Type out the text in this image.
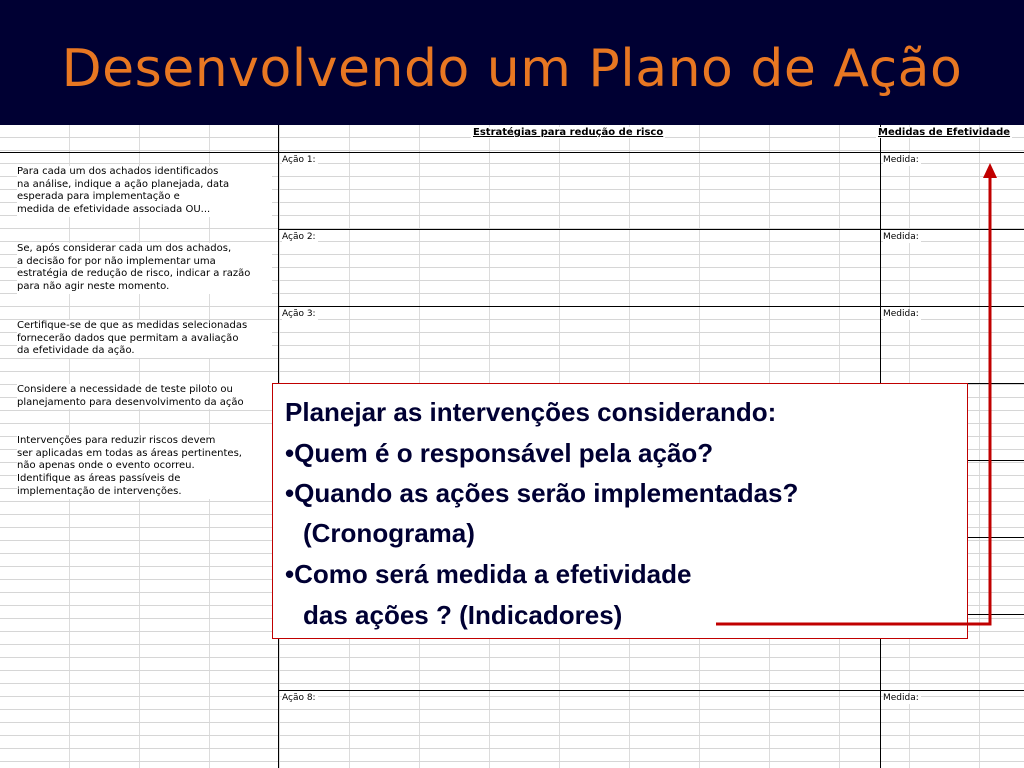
Desenvolvendo um Plano de Ação
Estratégias para redução de risco	Medidas de Efetividade
Ação 1:
Ação 2:
Ação 3:
Ação 8:
Medida:
Medida:
Medida:
Medida:
Para cada um dos achados identificados
na análise, indique a ação planejada, data
esperada para implementação e
medida de efetividade associada OU...
Se, após considerar cada um dos achados,
a decisão for por não implementar uma
estratégia de redução de risco, indicar a razão
para não agir neste momento.
Certifique-se de que as medidas selecionadas
fornecerão dados que permitam a avaliação
da efetividade da ação.
Considere a necessidade de teste piloto ou
planejamento para desenvolvimento da ação
Intervenções para reduzir riscos devem
ser aplicadas em todas as áreas pertinentes,
não apenas onde o evento ocorreu.
Identifique as áreas passíveis de
implementação de intervenções.
Planejar as intervenções considerando:
•Quem é o responsável pela ação?
•Quando as ações serão implementadas?
(Cronograma)
•Como será medida a efetividade
das ações ? (Indicadores)
